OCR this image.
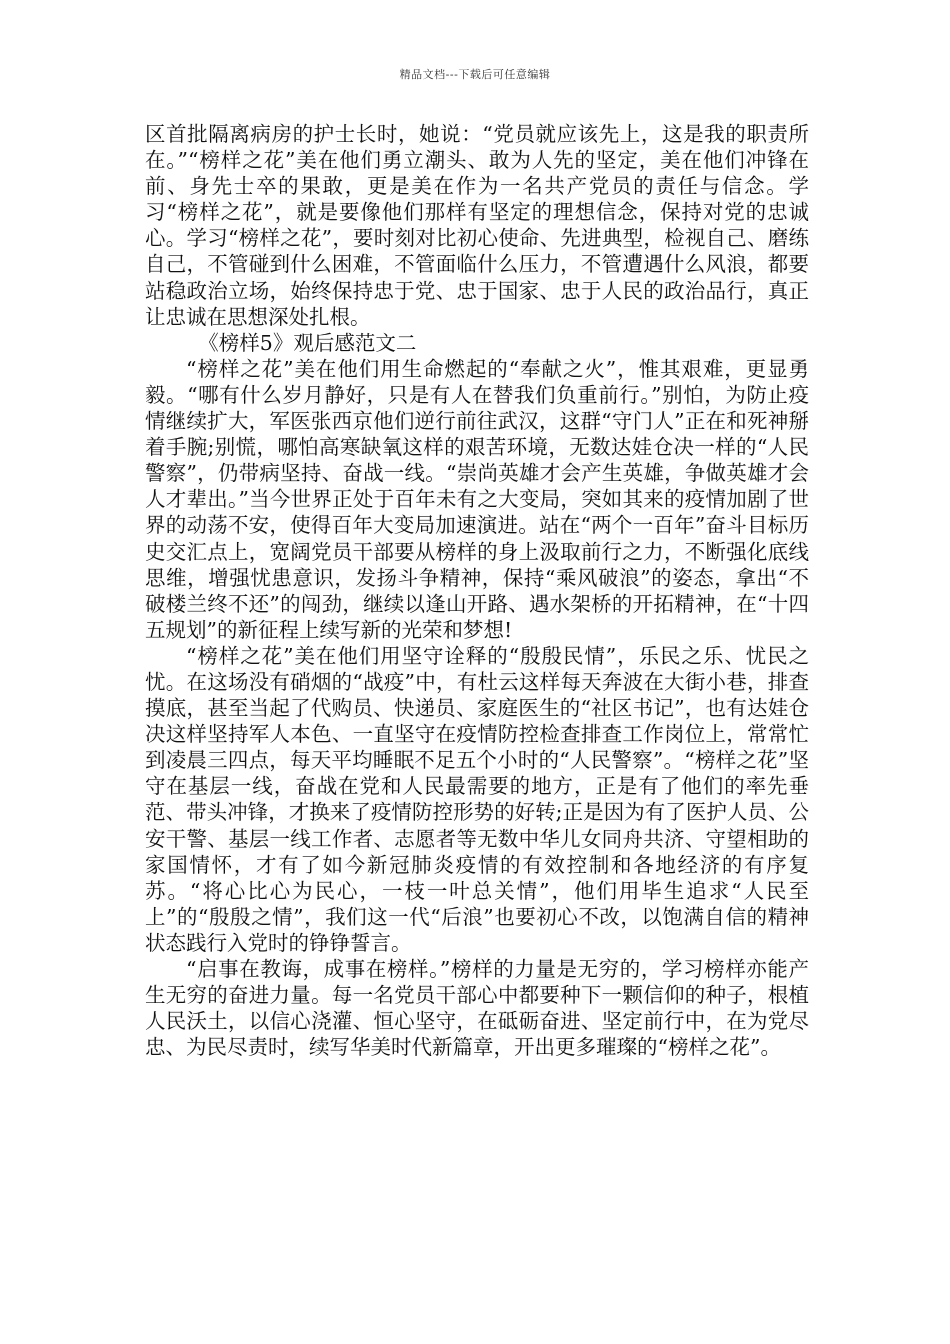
精品文档---下载后可任意编辑

区首批隔离病房的护士长时，她说：“党员就应该先上，这是我的职责所在。”“榜样之花”美在他们勇立潮头、敢为人先的坚定，美在他们冲锋在前、身先士卒的果敢，更是美在作为一名共产党员的责任与信念。学习“榜样之花”，就是要像他们那样有坚定的理想信念，保持对党的忠诚心。学习“榜样之花”，要时刻对比初心使命、先进典型，检视自己、磨练自己，不管碰到什么困难，不管面临什么压力，不管遭遇什么风浪，都要站稳政治立场，始终保持忠于党、忠于国家、忠于人民的政治品行，真正让忠诚在思想深处扎根。

《榜样5》观后感范文二

“榜样之花”美在他们用生命燃起的“奉献之火”，惟其艰难，更显勇毅。“哪有什么岁月静好，只是有人在替我们负重前行。”别怕，为防止疫情继续扩大，军医张西京他们逆行前往武汉，这群“守门人”正在和死神掰着手腕;别慌，哪怕高寒缺氧这样的艰苦环境，无数达娃仓决一样的“人民警察”，仍带病坚持、奋战一线。“崇尚英雄才会产生英雄，争做英雄才会人才辈出。”当今世界正处于百年未有之大变局，突如其来的疫情加剧了世界的动荡不安，使得百年大变局加速演进。站在“两个一百年”奋斗目标历史交汇点上，宽阔党员干部要从榜样的身上汲取前行之力，不断强化底线思维，增强忧患意识，发扬斗争精神，保持“乘风破浪”的姿态，拿出“不破楼兰终不还”的闯劲，继续以逢山开路、遇水架桥的开拓精神，在“十四五规划”的新征程上续写新的光荣和梦想!

“榜样之花”美在他们用坚守诠释的“殷殷民情”，乐民之乐、忧民之忧。在这场没有硝烟的“战疫”中，有杜云这样每天奔波在大街小巷，排查摸底，甚至当起了代购员、快递员、家庭医生的“社区书记”，也有达娃仓决这样坚持军人本色、一直坚守在疫情防控检查排查工作岗位上，常常忙到凌晨三四点，每天平均睡眠不足五个小时的“人民警察”。“榜样之花”坚守在基层一线，奋战在党和人民最需要的地方，正是有了他们的率先垂范、带头冲锋，才换来了疫情防控形势的好转;正是因为有了医护人员、公安干警、基层一线工作者、志愿者等无数中华儿女同舟共济、守望相助的家国情怀，才有了如今新冠肺炎疫情的有效控制和各地经济的有序复苏。“将心比心为民心，一枝一叶总关情”，他们用毕生追求“人民至上”的“殷殷之情”，我们这一代“后浪”也要初心不改，以饱满自信的精神状态践行入党时的铮铮誓言。

“启事在教诲，成事在榜样。”榜样的力量是无穷的，学习榜样亦能产生无穷的奋进力量。每一名党员干部心中都要种下一颗信仰的种子，根植人民沃土，以信心浇灌、恒心坚守，在砥砺奋进、坚定前行中，在为党尽忠、为民尽责时，续写华美时代新篇章，开出更多璀璨的“榜样之花”。
